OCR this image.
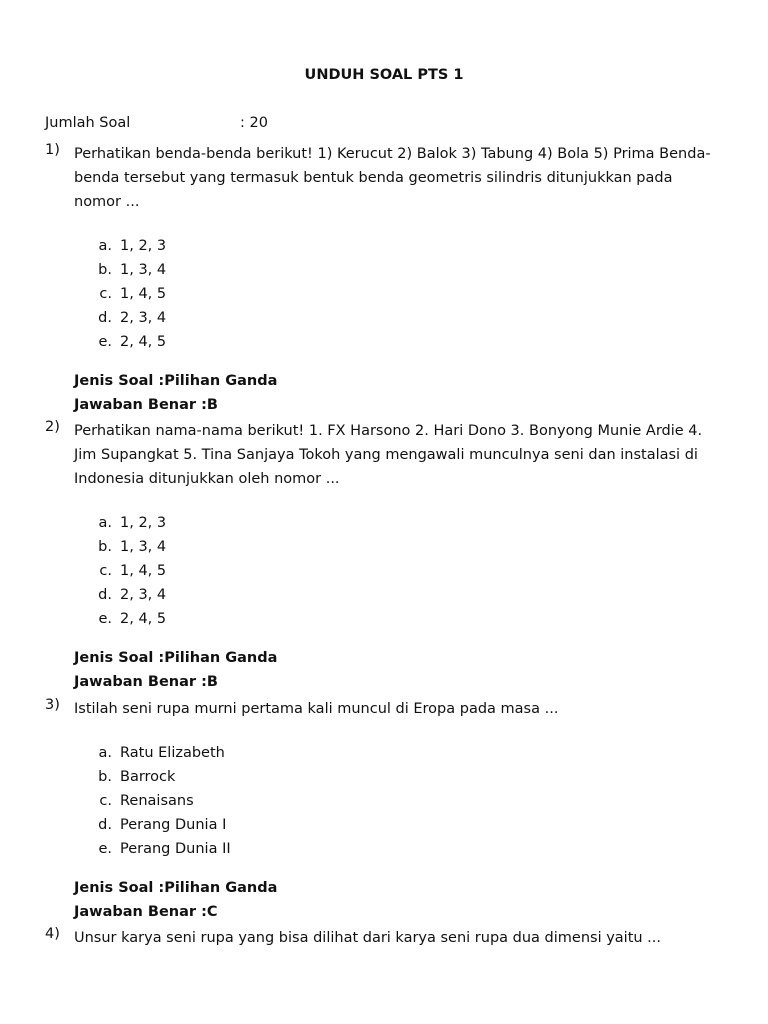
UNDUH SOAL PTS 1
Jumlah Soal	: 20
1) Perhatikan benda-benda berikut! 1) Kerucut 2) Balok 3) Tabung 4) Bola 5) Prima Benda-benda tersebut yang termasuk bentuk benda geometris silindris ditunjukkan pada nomor ...
a. 1, 2, 3
b. 1, 3, 4
c. 1, 4, 5
d. 2, 3, 4
e. 2, 4, 5
Jenis Soal :Pilihan Ganda
Jawaban Benar :B
2) Perhatikan nama-nama berikut! 1. FX Harsono 2. Hari Dono 3. Bonyong Munie Ardie 4. Jim Supangkat 5. Tina Sanjaya Tokoh yang mengawali munculnya seni dan instalasi di Indonesia ditunjukkan oleh nomor ...
a. 1, 2, 3
b. 1, 3, 4
c. 1, 4, 5
d. 2, 3, 4
e. 2, 4, 5
Jenis Soal :Pilihan Ganda
Jawaban Benar :B
3) Istilah seni rupa murni pertama kali muncul di Eropa pada masa ...
a. Ratu Elizabeth
b. Barrock
c. Renaisans
d. Perang Dunia I
e. Perang Dunia II
Jenis Soal :Pilihan Ganda
Jawaban Benar :C
4) Unsur karya seni rupa yang bisa dilihat dari karya seni rupa dua dimensi yaitu ...
